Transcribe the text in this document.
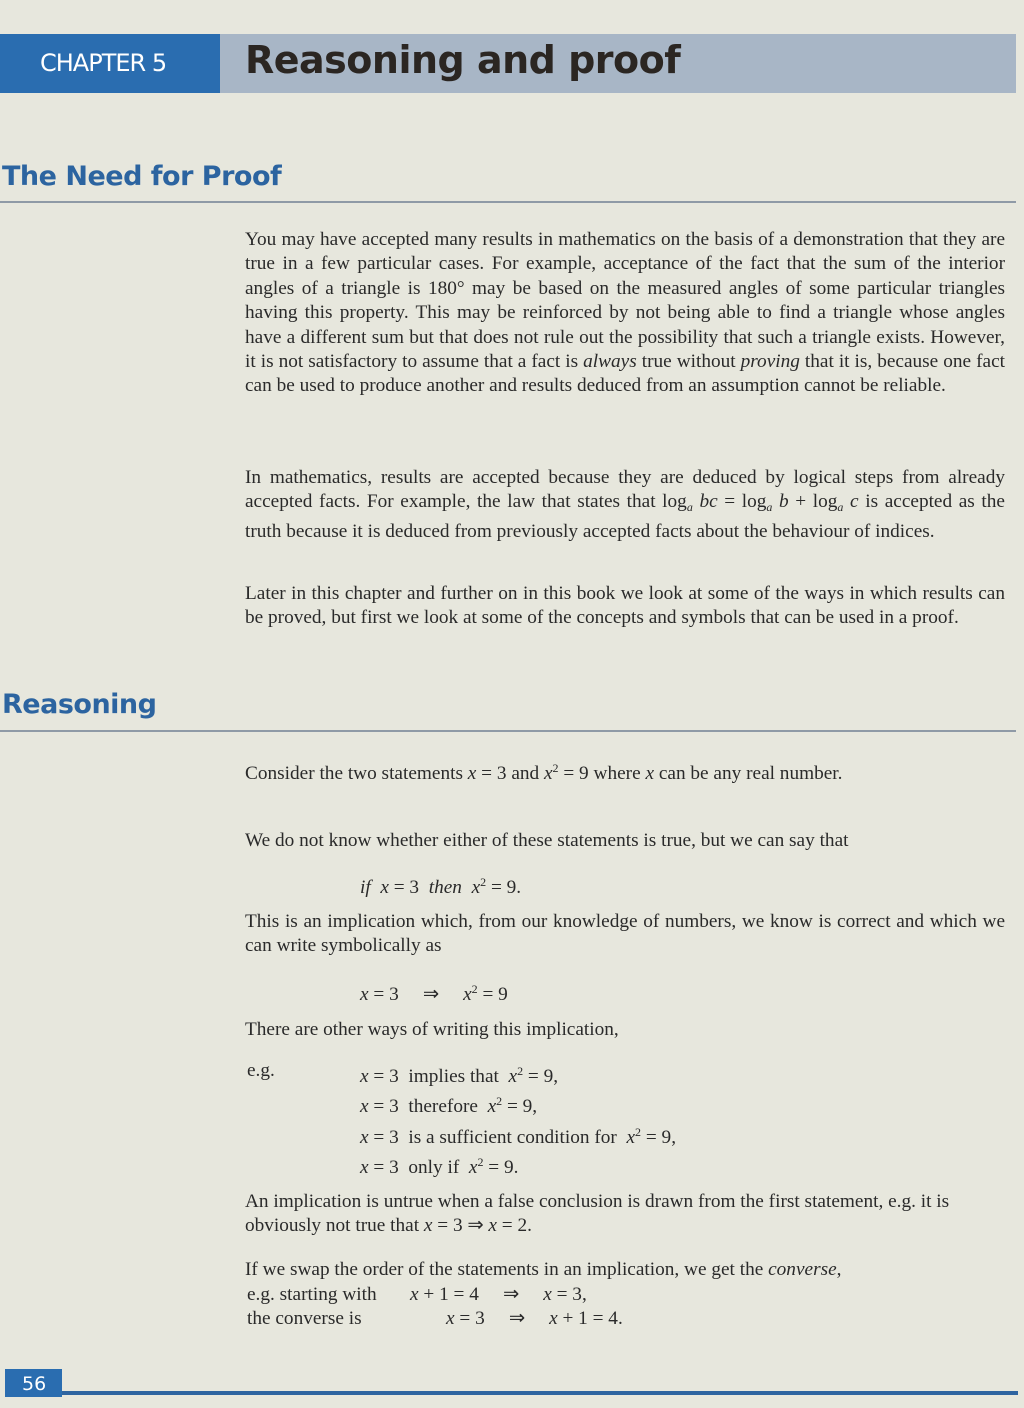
CHAPTER 5	Reasoning and proof
The Need for Proof
You may have accepted many results in mathematics on the basis of a demonstration that they are true in a few particular cases. For example, acceptance of the fact that the sum of the interior angles of a triangle is 180° may be based on the measured angles of some particular triangles having this property. This may be reinforced by not being able to find a triangle whose angles have a different sum but that does not rule out the possibility that such a triangle exists. However, it is not satisfactory to assume that a fact is always true without proving that it is, because one fact can be used to produce another and results deduced from an assumption cannot be reliable.
In mathematics, results are accepted because they are deduced by logical steps from already accepted facts. For example, the law that states that $\log_a$ bc = $\log_a b + \log_a c$ is accepted as the truth because it is deduced from previously accepted facts about the behaviour of indices.
Later in this chapter and further on in this book we look at some of the ways in which results can be proved, but first we look at some of the concepts and symbols that can be used in a proof.
Reasoning
Consider the two statements x = 3 and $x^2 = 9$ where x can be any real number.
We do not know whether either of these statements is true, but we can say that
if x = 3  then $x^2 = 9$.
This is an implication which, from our knowledge of numbers, we know is correct and which we can write symbolically as
x = 3     ⇒     $x^2 = 9$
There are other ways of writing this implication,
e.g.	x = 3  implies that  $x^2 = 9$,
x = 3  therefore  $x^2 = 9$,
x = 3  is a sufficient condition for  $x^2 = 9$,
x = 3  only if  $x^2 = 9$.
An implication is untrue when a false conclusion is drawn from the first statement, e.g. it is obviously not true that x = 3 ⇒ x = 2.
If we swap the order of the statements in an implication, we get the converse,
e.g. starting with x + 1 = 4     ⇒     x = 3,
the converse is	x = 3     ⇒     x + 1 = 4.
56
